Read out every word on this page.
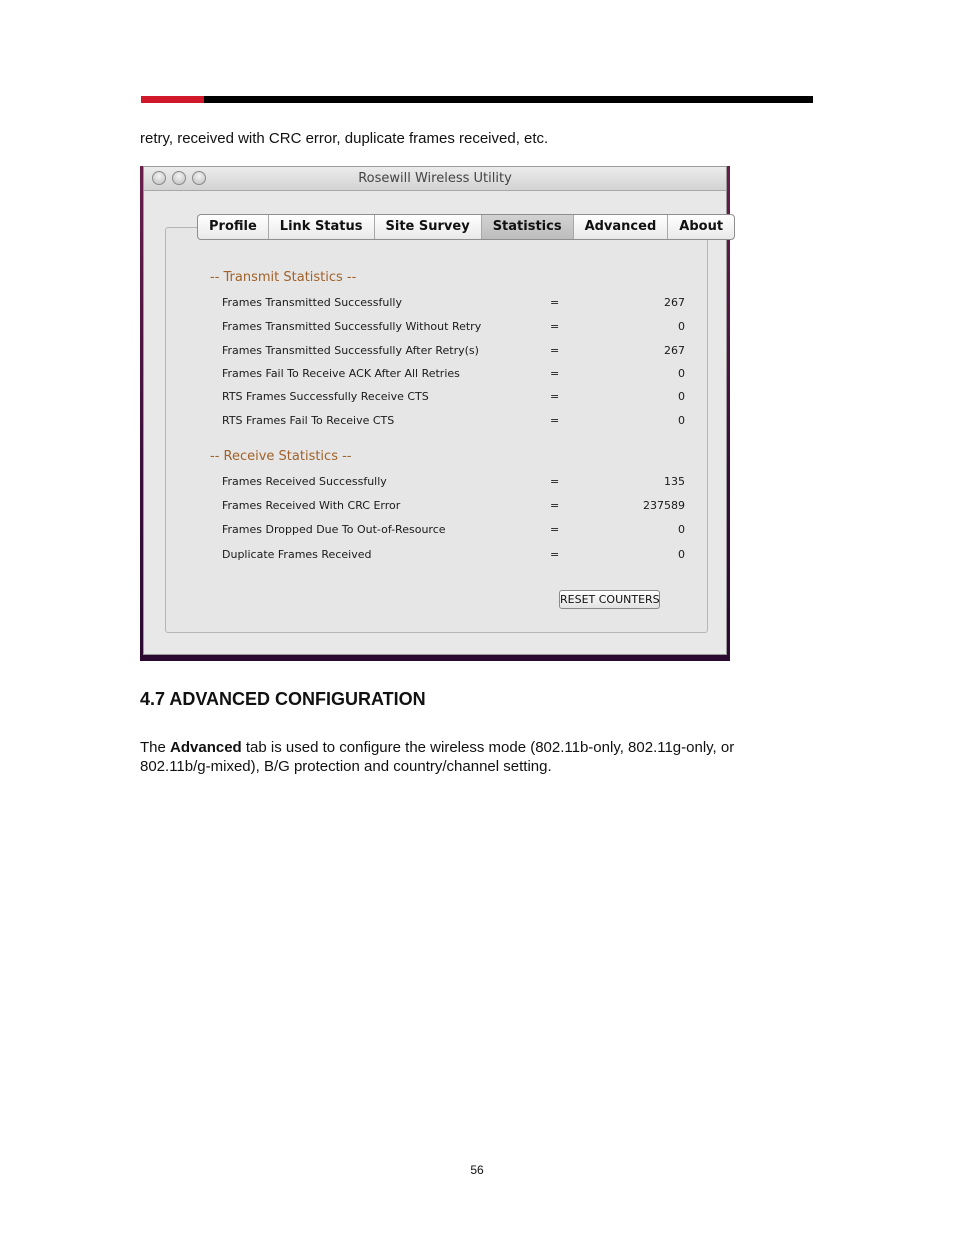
retry, received with CRC error, duplicate frames received, etc.
Rosewill Wireless Utility
Profile	Link Status	Site Survey	Statistics	Advanced	About
-- Transmit Statistics --
Frames Transmitted Successfully	=	267
Frames Transmitted Successfully Without Retry	=	0
Frames Transmitted Successfully After Retry(s)	=	267
Frames Fail To Receive ACK After All Retries	=	0
RTS Frames Successfully Receive CTS	=	0
RTS Frames Fail To Receive CTS	=	0
-- Receive Statistics --
Frames Received Successfully	=	135
Frames Received With CRC Error	=	237589
Frames Dropped Due To Out-of-Resource	=	0
Duplicate Frames Received	=	0
RESET COUNTERS
4.7 ADVANCED CONFIGURATION
The Advanced tab is used to configure the wireless mode (802.11b-only, 802.11g-only, or 802.11b/g-mixed), B/G protection and country/channel setting.
56
